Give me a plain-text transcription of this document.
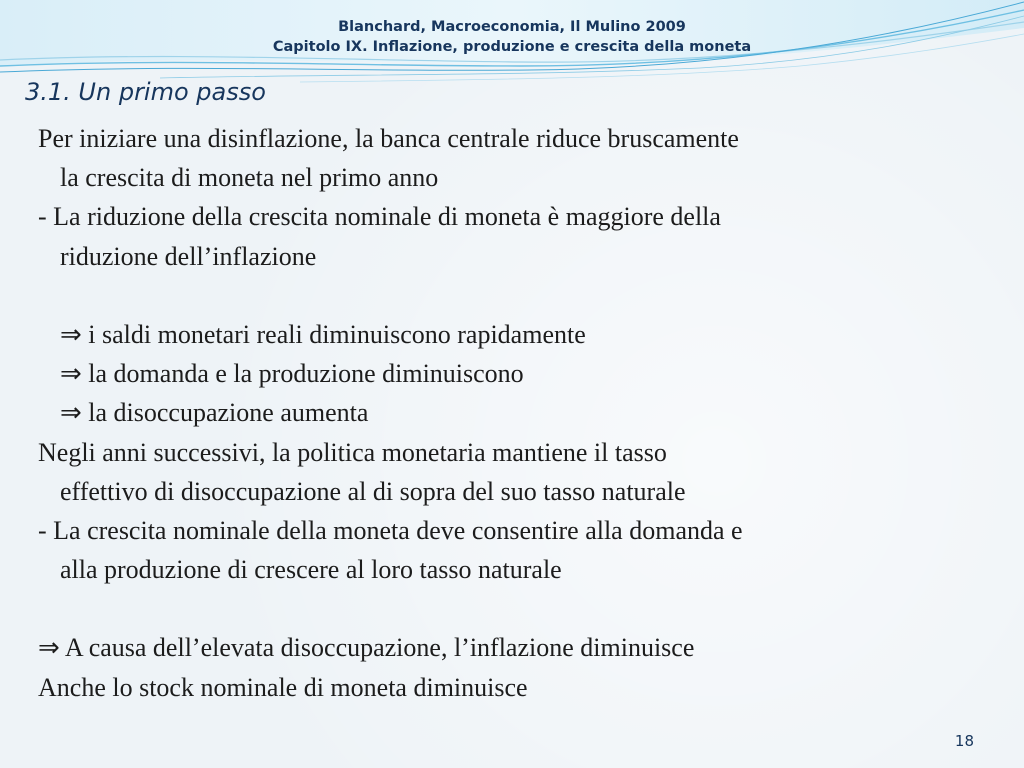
Blanchard, Macroeconomia, Il Mulino 2009
Capitolo IX. Inflazione, produzione e crescita della moneta
3.1. Un primo passo
Per iniziare una disinflazione, la banca centrale riduce bruscamente
la crescita di moneta nel primo anno
- La riduzione della crescita nominale di moneta è maggiore della
riduzione dell’inflazione
⇒ i saldi monetari reali diminuiscono rapidamente
⇒ la domanda e la produzione diminuiscono
⇒ la disoccupazione aumenta
Negli anni successivi, la politica monetaria mantiene il tasso
effettivo di disoccupazione al di sopra del suo tasso naturale
- La crescita nominale della moneta deve consentire alla domanda e
alla produzione di crescere al loro tasso naturale
⇒ A causa dell’elevata disoccupazione, l’inflazione diminuisce
Anche lo stock nominale di moneta diminuisce
18
